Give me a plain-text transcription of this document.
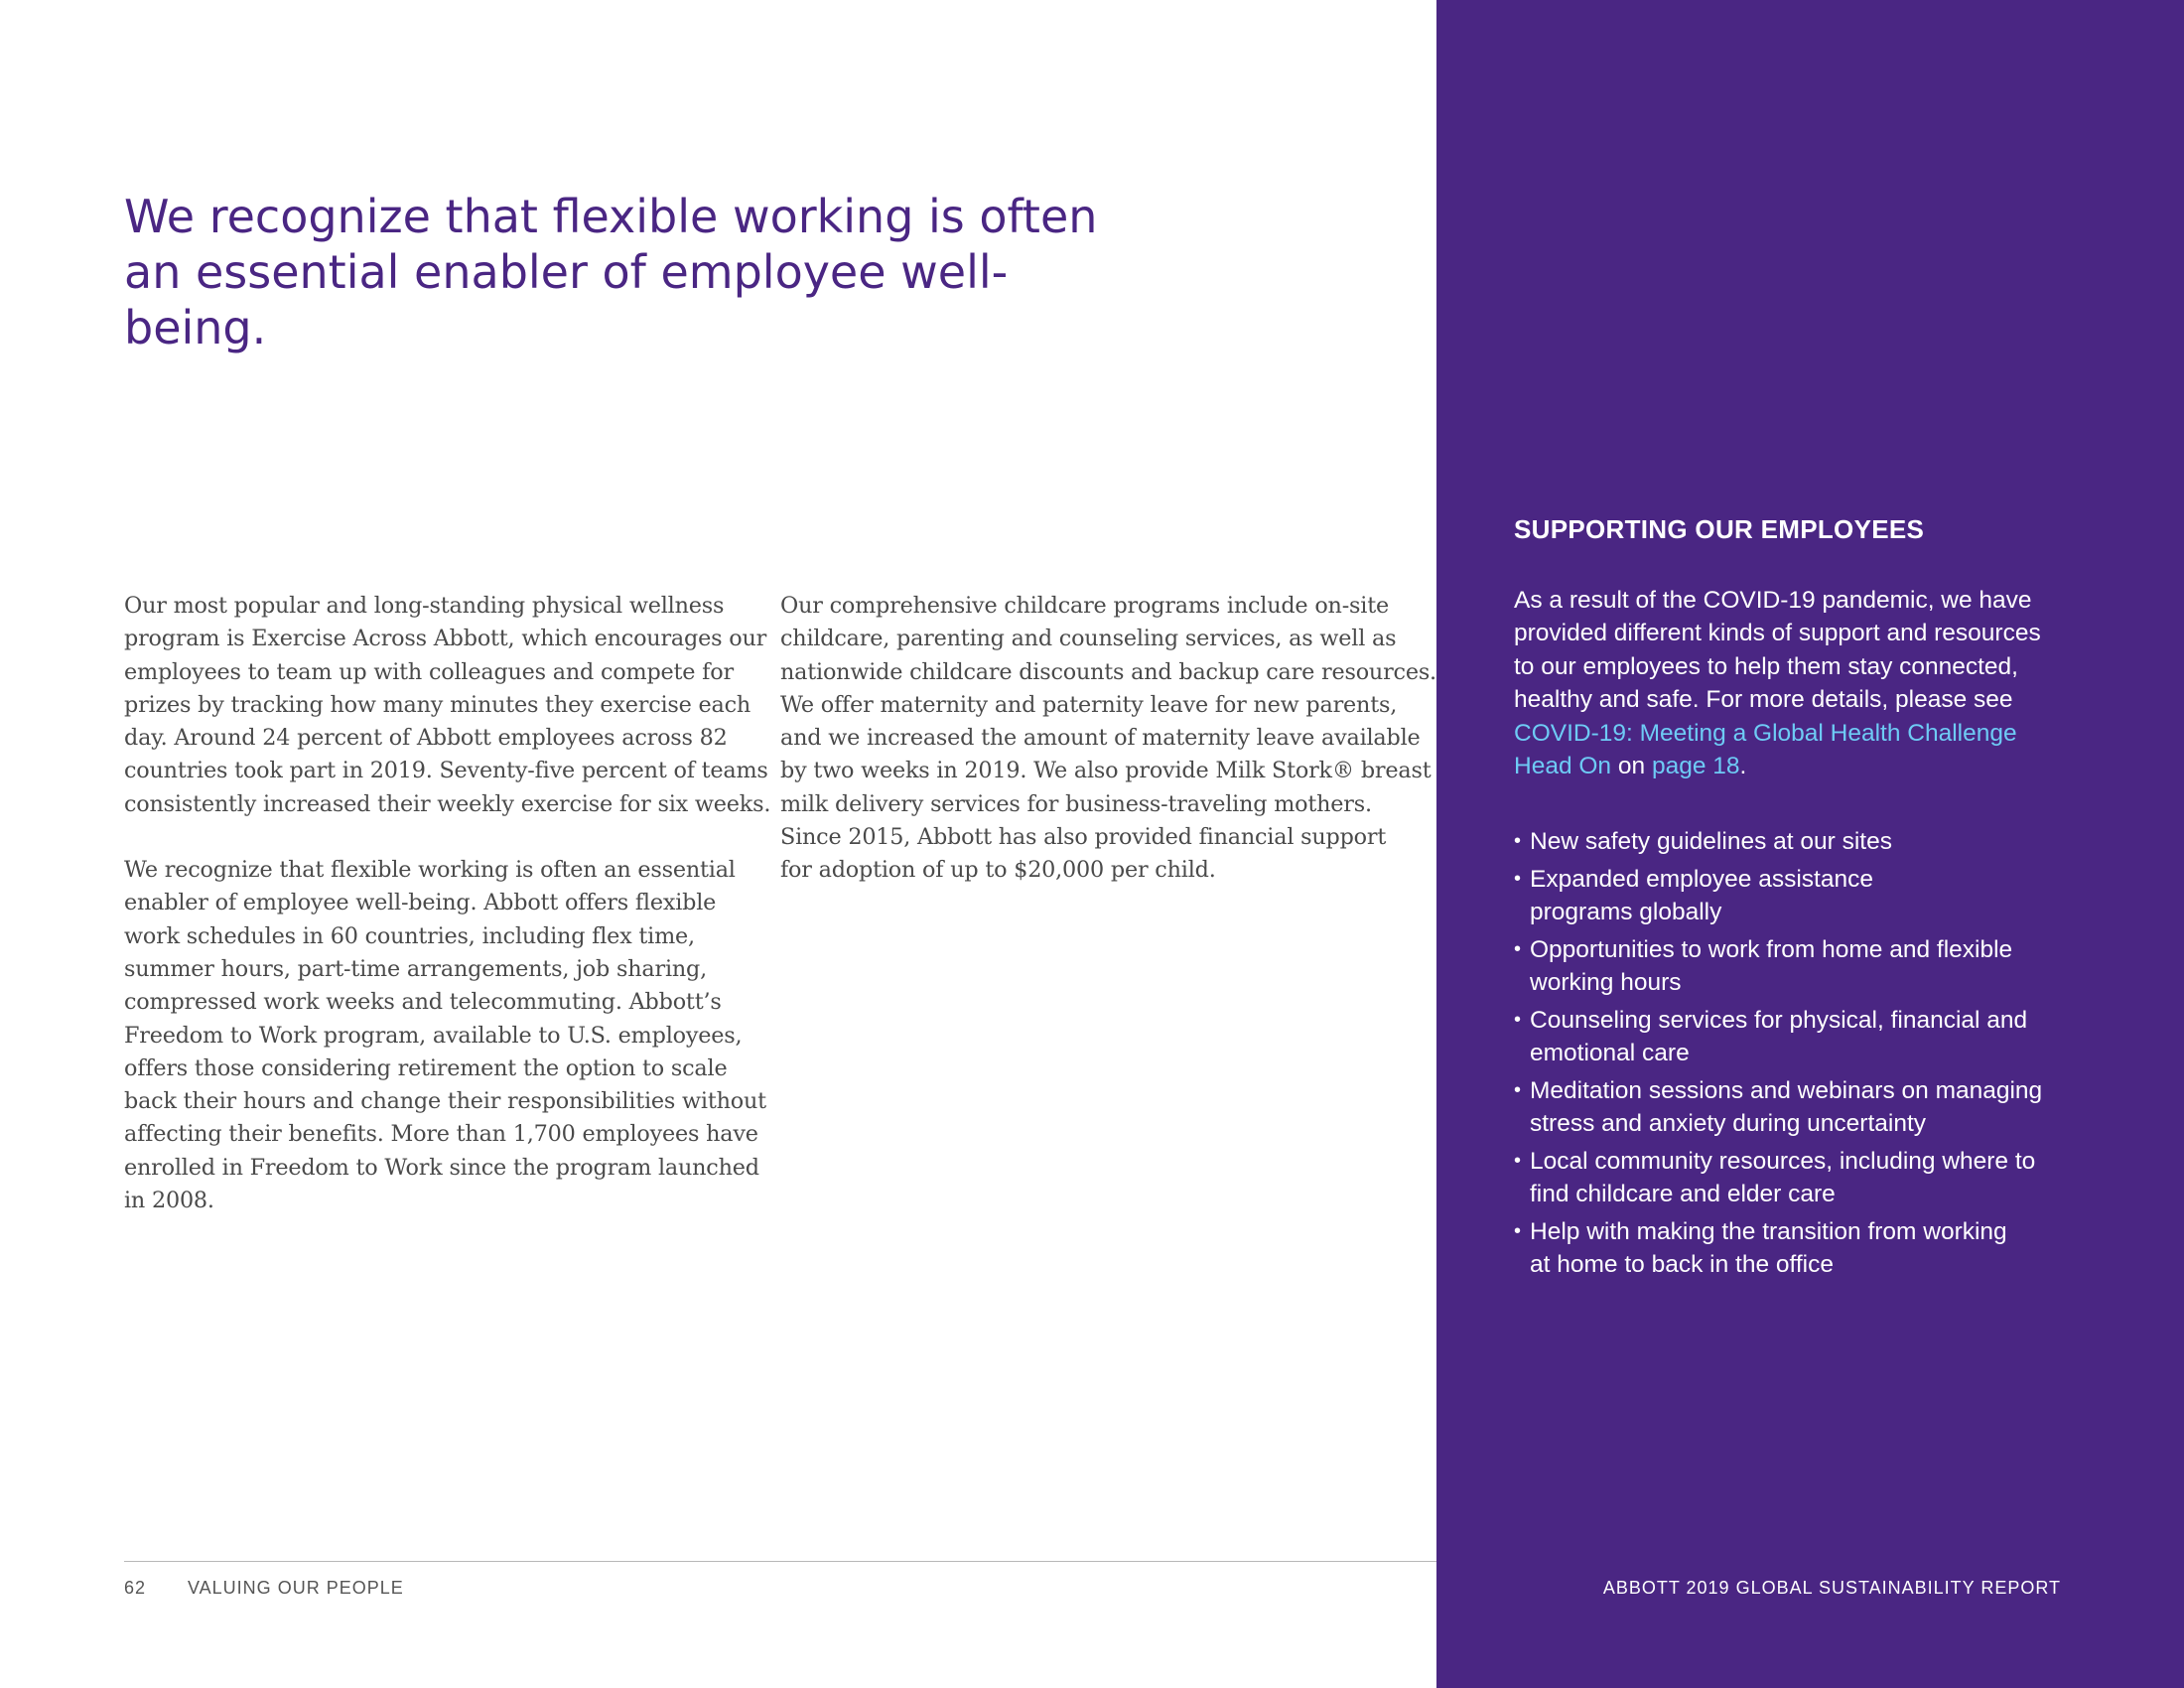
We recognize that flexible working is often
an essential enabler of employee well-being.

Our most popular and long-standing physical wellness
program is Exercise Across Abbott, which encourages our
employees to team up with colleagues and compete for
prizes by tracking how many minutes they exercise each
day. Around 24 percent of Abbott employees across 82
countries took part in 2019. Seventy-five percent of teams
consistently increased their weekly exercise for six weeks.

We recognize that flexible working is often an essential
enabler of employee well-being. Abbott offers flexible
work schedules in 60 countries, including flex time,
summer hours, part-time arrangements, job sharing,
compressed work weeks and telecommuting. Abbott’s
Freedom to Work program, available to U.S. employees,
offers those considering retirement the option to scale
back their hours and change their responsibilities without
affecting their benefits. More than 1,700 employees have
enrolled in Freedom to Work since the program launched
in 2008.

Our comprehensive childcare programs include on-site
childcare, parenting and counseling services, as well as
nationwide childcare discounts and backup care resources.
We offer maternity and paternity leave for new parents,
and we increased the amount of maternity leave available
by two weeks in 2019. We also provide Milk Stork® breast
milk delivery services for business-traveling mothers.
Since 2015, Abbott has also provided financial support
for adoption of up to $20,000 per child.

SUPPORTING OUR EMPLOYEES

As a result of the COVID-19 pandemic, we have
provided different kinds of support and resources
to our employees to help them stay connected,
healthy and safe. For more details, please see
COVID-19: Meeting a Global Health Challenge
Head On on page 18.

• New safety guidelines at our sites
• Expanded employee assistance
programs globally
• Opportunities to work from home and flexible
working hours
• Counseling services for physical, financial and
emotional care
• Meditation sessions and webinars on managing
stress and anxiety during uncertainty
• Local community resources, including where to
find childcare and elder care
• Help with making the transition from working
at home to back in the office
62 VALUING OUR PEOPLE	ABBOTT 2019 GLOBAL SUSTAINABILITY REPORT
